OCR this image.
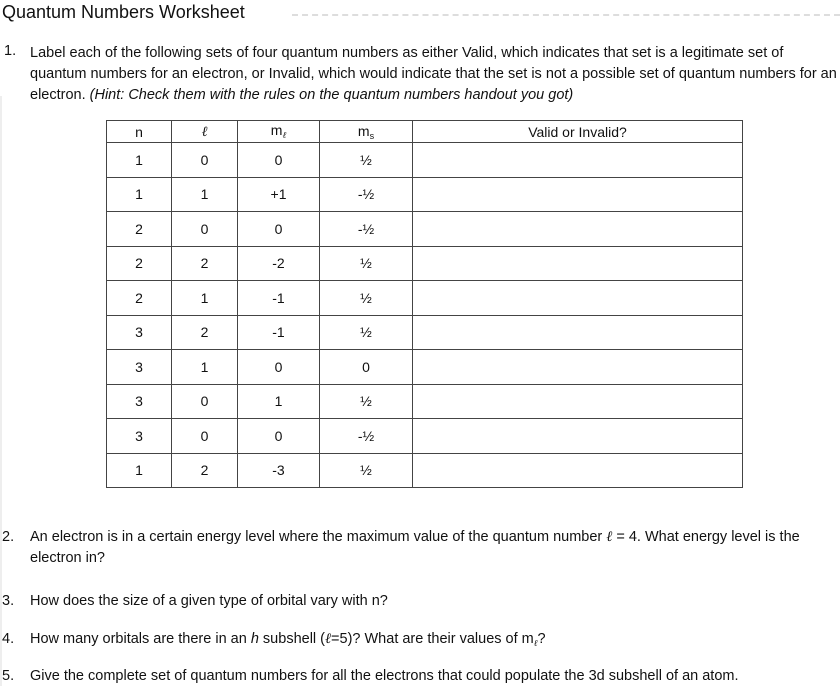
Quantum Numbers Worksheet
1. Label each of the following sets of four quantum numbers as either Valid, which indicates that set is a legitimate set of quantum numbers for an electron, or Invalid, which would indicate that the set is not a possible set of quantum numbers for an electron. (Hint: Check them with the rules on the quantum numbers handout you got)
n	ℓ	$m_\ell$	$m_s$	Valid or Invalid?
1	0	0	½	
1	1	+1	-½	
2	0	0	-½	
2	2	-2	½	
2	1	-1	½	
3	2	-1	½	
3	1	0	0	
3	0	1	½	
3	0	0	-½	
1	2	-3	½	
2. An electron is in a certain energy level where the maximum value of the quantum number ℓ = 4. What energy level is the electron in?
3. How does the size of a given type of orbital vary with n?
4. How many orbitals are there in an h subshell (ℓ=5)? What are their values of $m_\ell$?
5. Give the complete set of quantum numbers for all the electrons that could populate the 3d subshell of an atom.
